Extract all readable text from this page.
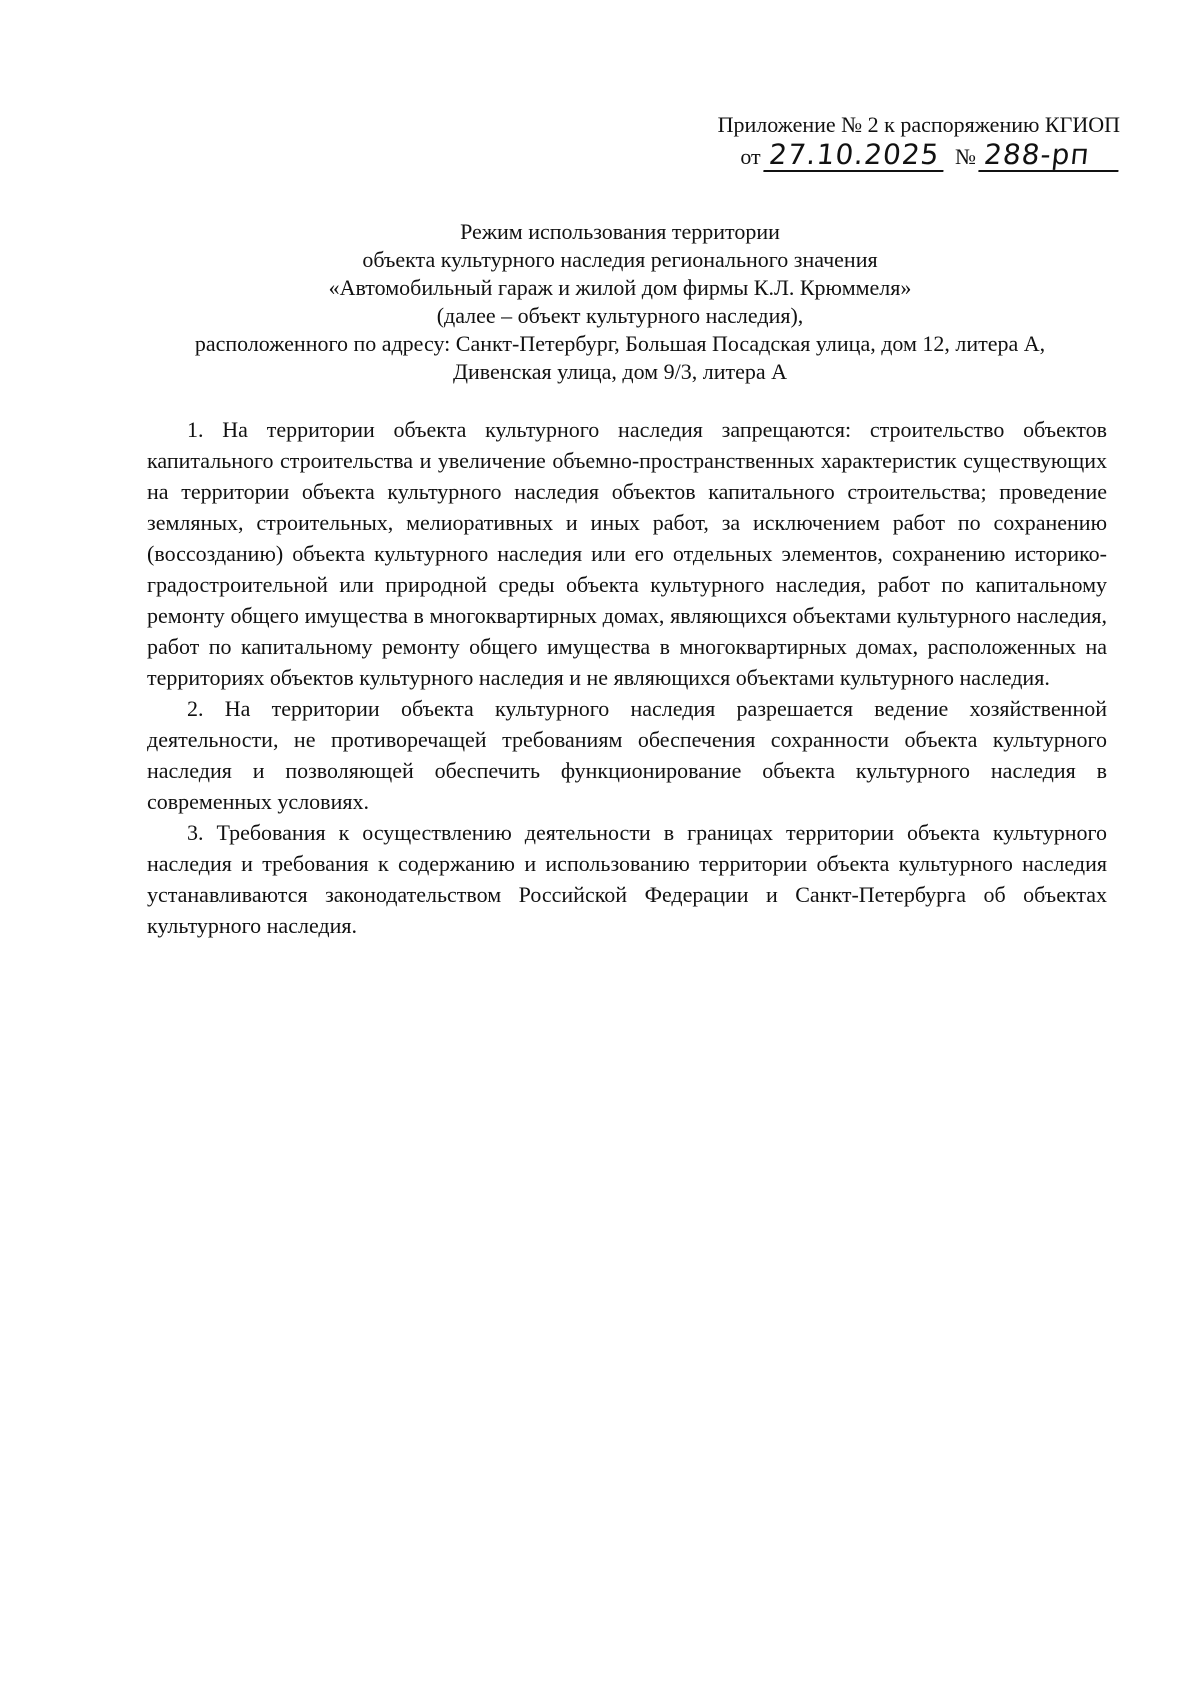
Приложение № 2 к распоряжению КГИОП
от 27.10.2025 № 288-рп
Режим использования территории
объекта культурного наследия регионального значения
«Автомобильный гараж и жилой дом фирмы К.Л. Крюммеля»
(далее – объект культурного наследия),
расположенного по адресу: Санкт-Петербург, Большая Посадская улица, дом 12, литера А,
Дивенская улица, дом 9/3, литера А

1. На территории объекта культурного наследия запрещаются: строительство объектов капитального строительства и увеличение объемно-пространственных характеристик существующих на территории объекта культурного наследия объектов капитального строительства; проведение земляных, строительных, мелиоративных и иных работ, за исключением работ по сохранению (воссозданию) объекта культурного наследия или его отдельных элементов, сохранению историко-градостроительной или природной среды объекта культурного наследия, работ по капитальному ремонту общего имущества в многоквартирных домах, являющихся объектами культурного наследия, работ по капитальному ремонту общего имущества в многоквартирных домах, расположенных на территориях объектов культурного наследия и не являющихся объектами культурного наследия.

2. На территории объекта культурного наследия разрешается ведение хозяйственной деятельности, не противоречащей требованиям обеспечения сохранности объекта культурного наследия и позволяющей обеспечить функционирование объекта культурного наследия в современных условиях.

3. Требования к осуществлению деятельности в границах территории объекта культурного наследия и требования к содержанию и использованию территории объекта культурного наследия устанавливаются законодательством Российской Федерации и Санкт-Петербурга об объектах культурного наследия.
